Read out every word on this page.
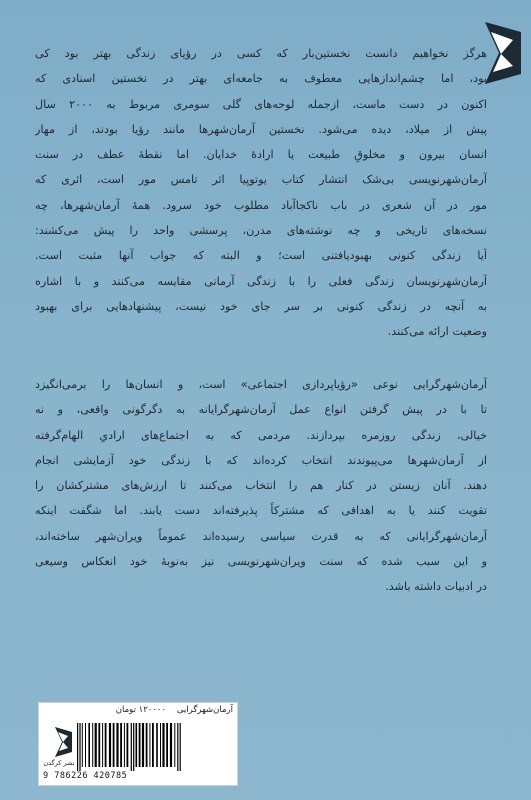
هرگز نخواهیم دانست نخستین‌بار که کسی در رؤیای زندگی بهتر بود کی
بود، اما چشم‌اندازهایی معطوف به جامعه‌ای بهتر در نخستین اسنادی که
اکنون در دست ماست، ازجمله لوحه‌های گلی سومری مربوط به ۲۰۰۰ سال
پیش از میلاد، دیده می‌شود. نخستین آرمان‌شهرها مانند رؤیا بودند، از مهار
انسان بیرون و مخلوقِ طبیعت یا ارادهٔ خدایان. اما نقطهٔ عطف در سنت
آرمان‌شهرنویسی بی‌شک انتشار کتاب یوتوپیا اثر تامس مور است، اثری که
مور در آن شعری در باب ناکجاآباد مطلوب خود سرود. همهٔ آرمان‌شهرها، چه
نسخه‌های تاریخی و چه نوشته‌های مدرن، پرسشی واحد را پیش می‌کشند:
آیا زندگی کنونی بهبودیافتنی است؛ و البته که جواب آنها مثبت است.
آرمان‌شهرنویسان زندگی فعلی را با زندگی آرمانی مقایسه می‌کنند و با اشاره
به آنچه در زندگی کنونی بر سر جای خود نیست، پیشنهادهایی برای بهبود
وضعیت ارائه می‌کنند.
آرمان‌شهرگرایی نوعی «رؤیاپردازی اجتماعی» است، و انسان‌ها را برمی‌انگیزد
تا با در پیش گرفتن انواع عمل آرمان‌شهرگرایانه به دگرگونی واقعی، و نه
خیالی، زندگی روزمره بپردازند. مردمی که به اجتماع‌های ارادیِ الهام‌گرفته
از آرمان‌شهرها می‌پیوندند انتخاب کرده‌اند که با زندگی خود آزمایشی انجام
دهند. آنان زیستن در کنار هم را انتخاب می‌کنند تا ارزش‌های مشترکشان را
تقویت کنند یا به اهدافی که مشترکاً پذیرفته‌اند دست یابند. اما شگفت اینکه
آرمان‌شهرگرایانی که به قدرت سیاسی رسیده‌اند عموماً ویران‌شهر ساخته‌اند،
و این سبب شده که سنت ویران‌شهرنویسی نیز به‌نوبهٔ خود انعکاس وسیعی
در ادبیات داشته باشد.
آرمان‌شهرگرایی    ۱۲۰۰۰۰ تومان
نشر کرگدن
9 786226 420785
